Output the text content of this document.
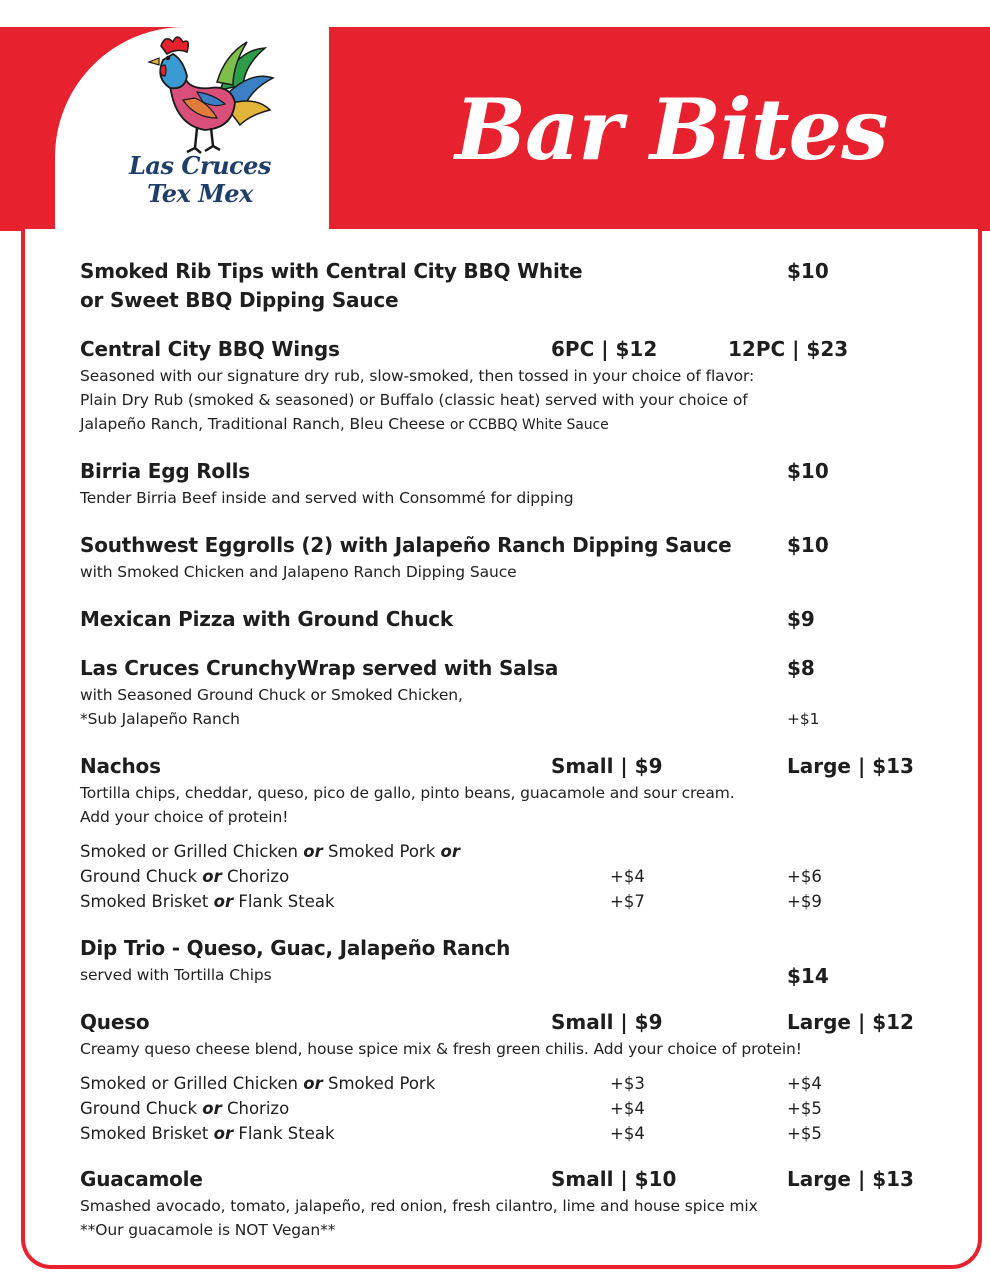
Las Cruces
Tex Mex
Bar Bites
Smoked Rib Tips with Central City BBQ White
or Sweet BBQ Dipping Sauce
$10
Central City BBQ Wings	6PC | $12	12PC | $23
Seasoned with our signature dry rub, slow-smoked, then tossed in your choice of flavor:
Plain Dry Rub (smoked & seasoned) or Buffalo (classic heat) served with your choice of
Jalapeño Ranch, Traditional Ranch, Bleu Cheese or CCBBQ White Sauce
Birria Egg Rolls	$10
Tender Birria Beef inside and served with Consommé for dipping
Southwest Eggrolls (2) with Jalapeño Ranch Dipping Sauce	$10
with Smoked Chicken and Jalapeno Ranch Dipping Sauce
Mexican Pizza with Ground Chuck	$9
Las Cruces CrunchyWrap served with Salsa	$8
with Seasoned Ground Chuck or Smoked Chicken,
*Sub Jalapeño Ranch	+$1
Nachos	Small | $9	Large | $13
Tortilla chips, cheddar, queso, pico de gallo, pinto beans, guacamole and sour cream.
Add your choice of protein!
Smoked or Grilled Chicken or Smoked Pork or
Ground Chuck or Chorizo	+$4	+$6
Smoked Brisket or Flank Steak	+$7	+$9
Dip Trio - Queso, Guac, Jalapeño Ranch
served with Tortilla Chips	$14
Queso	Small | $9	Large | $12
Creamy queso cheese blend, house spice mix & fresh green chilis. Add your choice of protein!
Smoked or Grilled Chicken or Smoked Pork	+$3	+$4
Ground Chuck or Chorizo	+$4	+$5
Smoked Brisket or Flank Steak	+$4	+$5
Guacamole	Small | $10	Large | $13
Smashed avocado, tomato, jalapeño, red onion, fresh cilantro, lime and house spice mix
**Our guacamole is NOT Vegan**
